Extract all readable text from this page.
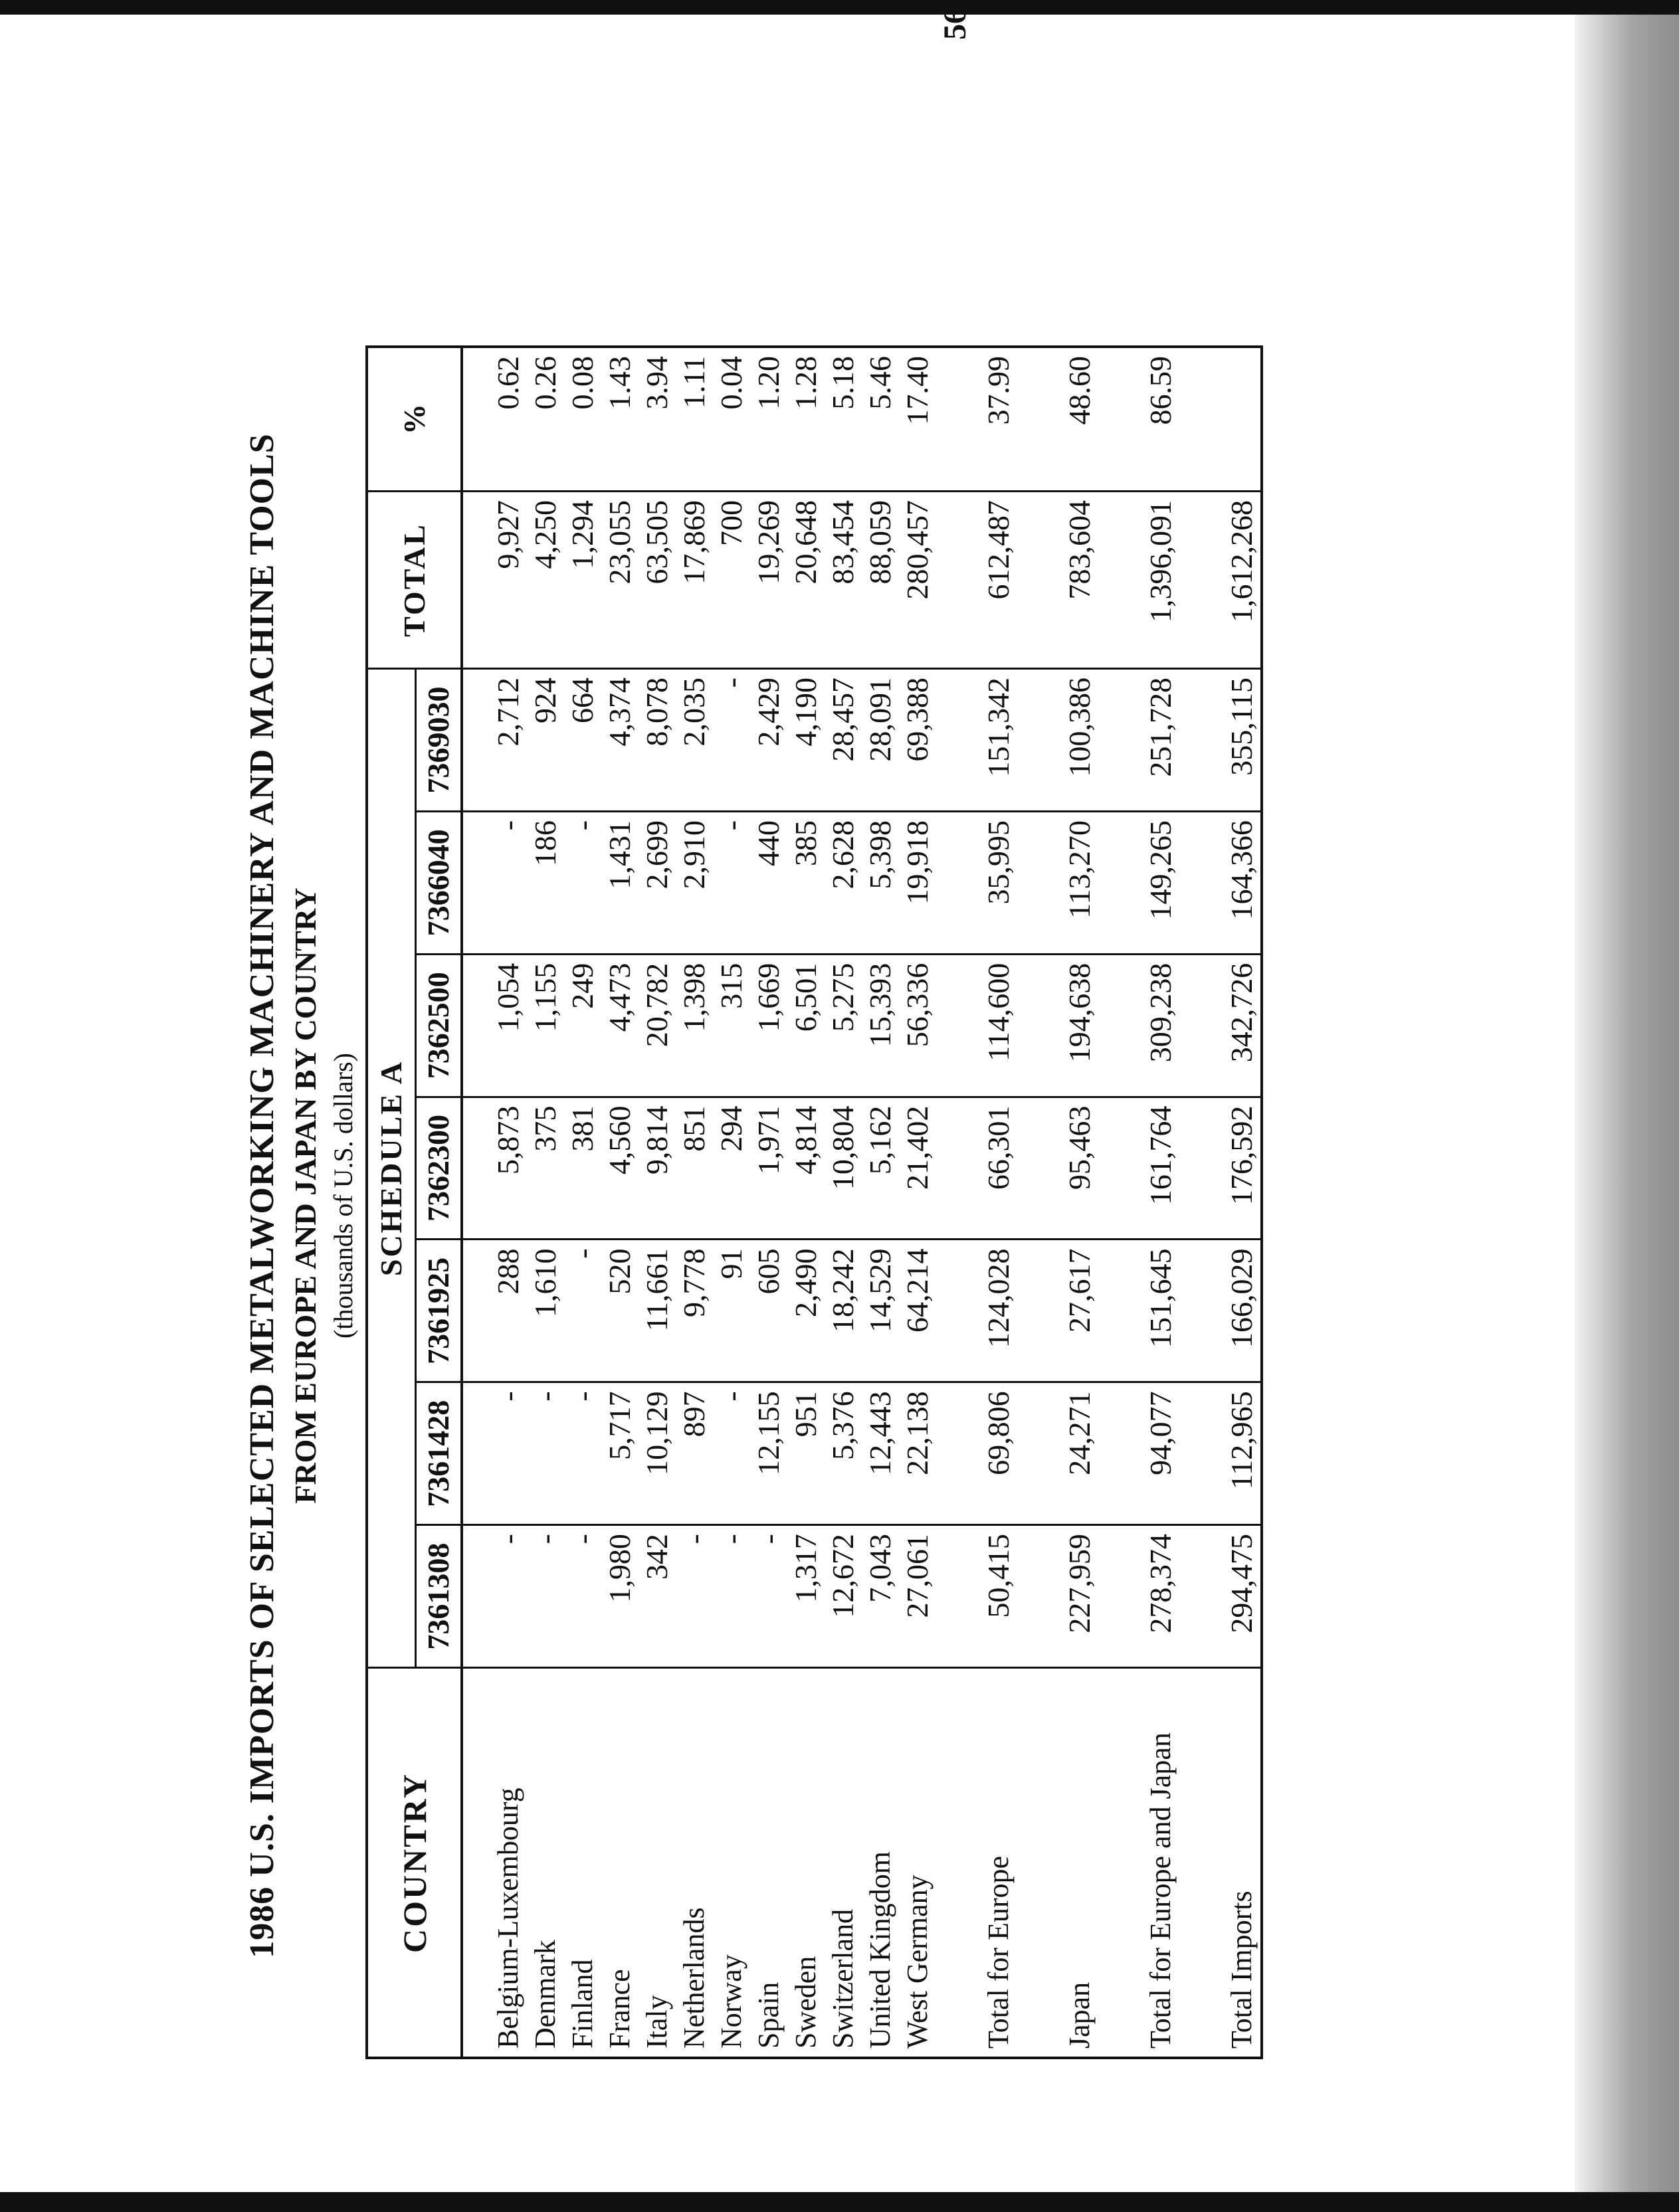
1986 U.S. IMPORTS OF SELECTED METALWORKING MACHINERY AND MACHINE TOOLS FROM EUROPE AND JAPAN BY COUNTRY (thousands of U.S. dollars)
COUNTRY	SCHEDULE A							TOTAL	%
	7361308	7361428	7361925	7362300	7362500	7366040	7369030		
Belgium-Luxembourg	-	-	288	5,873	1,054	-	2,712	9,927	0.62
Denmark	-	-	1,610	375	1,155	186	924	4,250	0.26
Finland	-	-	-	381	249	-	664	1,294	0.08
France	1,980	5,717	520	4,560	4,473	1,431	4,374	23,055	1.43
Italy	342	10,129	11,661	9,814	20,782	2,699	8,078	63,505	3.94
Netherlands	-	897	9,778	851	1,398	2,910	2,035	17,869	1.11
Norway	-	-	91	294	315	-	-	700	0.04
Spain	-	12,155	605	1,971	1,669	440	2,429	19,269	1.20
Sweden	1,317	951	2,490	4,814	6,501	385	4,190	20,648	1.28
Switzerland	12,672	5,376	18,242	10,804	5,275	2,628	28,457	83,454	5.18
United Kingdom	7,043	12,443	14,529	5,162	15,393	5,398	28,091	88,059	5.46
West Germany	27,061	22,138	64,214	21,402	56,336	19,918	69,388	280,457	17.40

Total for Europe	50,415	69,806	124,028	66,301	114,600	35,995	151,342	612,487	37.99

Japan	227,959	24,271	27,617	95,463	194,638	113,270	100,386	783,604	48.60

Total for Europe and Japan	278,374	94,077	151,645	161,764	309,238	149,265	251,728	1,396,091	86.59

Total Imports	294,475	112,965	166,029	176,592	342,726	164,366	355,115	1,612,268	
56.
